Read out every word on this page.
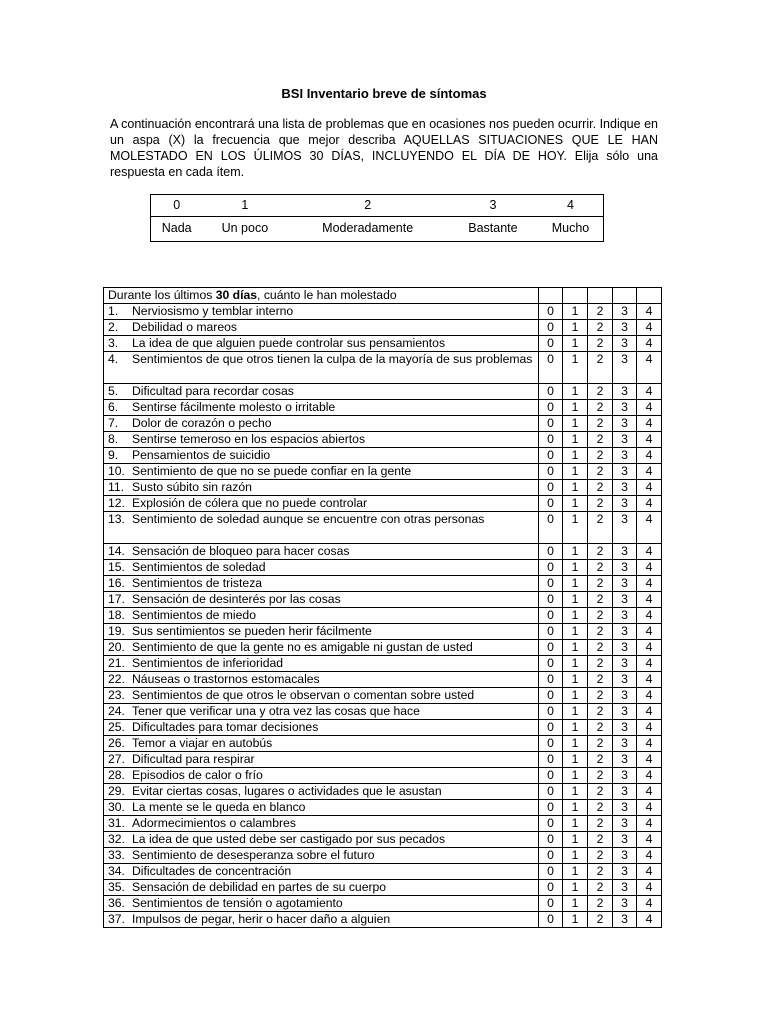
BSI Inventario breve de síntomas
A continuación encontrará una lista de problemas que en ocasiones nos pueden ocurrir. Indique en un aspa (X) la frecuencia que mejor describa AQUELLAS SITUACIONES QUE LE HAN MOLESTADO EN LOS ÚLIMOS 30 DÍAS, INCLUYENDO EL DÍA DE HOY. Elija sólo una respuesta en cada ítem.
0	1	2	3	4
Nada	Un poco	Moderadamente	Bastante	Mucho
Durante los últimos 30 días, cuánto le han molestado					

1. Nerviosismo y temblar interno	0	1	2	3	4

2. Debilidad o mareos	0	1	2	3	4

3. La idea de que alguien puede controlar sus pensamientos	0	1	2	3	4

4. Sentimientos de que otros tienen la culpa de la mayoría de sus problemas	0	1	2	3	4

5. Dificultad para recordar cosas	0	1	2	3	4

6. Sentirse fácilmente molesto o irritable	0	1	2	3	4

7. Dolor de corazón o pecho	0	1	2	3	4

8. Sentirse temeroso en los espacios abiertos	0	1	2	3	4

9. Pensamientos de suicidio	0	1	2	3	4

10. Sentimiento de que no se puede confiar en la gente	0	1	2	3	4

11. Susto súbito sin razón	0	1	2	3	4

12. Explosión de cólera que no puede controlar	0	1	2	3	4

13. Sentimiento de soledad aunque se encuentre con otras personas	0	1	2	3	4

14. Sensación de bloqueo para hacer cosas	0	1	2	3	4

15. Sentimientos de soledad	0	1	2	3	4

16. Sentimientos de tristeza	0	1	2	3	4

17. Sensación de desinterés por las cosas	0	1	2	3	4

18. Sentimientos de miedo	0	1	2	3	4

19. Sus sentimientos se pueden herir fácilmente	0	1	2	3	4

20. Sentimiento de que la gente no es amigable ni gustan de usted	0	1	2	3	4

21. Sentimientos de inferioridad	0	1	2	3	4

22. Náuseas o trastornos estomacales	0	1	2	3	4

23. Sentimientos de que otros le observan o comentan sobre usted	0	1	2	3	4

24. Tener que verificar una y otra vez las cosas que hace	0	1	2	3	4

25. Dificultades para tomar decisiones	0	1	2	3	4

26. Temor a viajar en autobús	0	1	2	3	4

27. Dificultad para respirar	0	1	2	3	4

28. Episodios de calor o frío	0	1	2	3	4

29. Evitar ciertas cosas, lugares o actividades que le asustan	0	1	2	3	4

30. La mente se le queda en blanco	0	1	2	3	4

31. Adormecimientos o calambres	0	1	2	3	4

32. La idea de que usted debe ser castigado por sus pecados	0	1	2	3	4

33. Sentimiento de desesperanza sobre el futuro	0	1	2	3	4

34. Dificultades de concentración	0	1	2	3	4

35. Sensación de debilidad en partes de su cuerpo	0	1	2	3	4

36. Sentimientos de tensión o agotamiento	0	1	2	3	4

37. Impulsos de pegar, herir o hacer daño a alguien	0	1	2	3	4
